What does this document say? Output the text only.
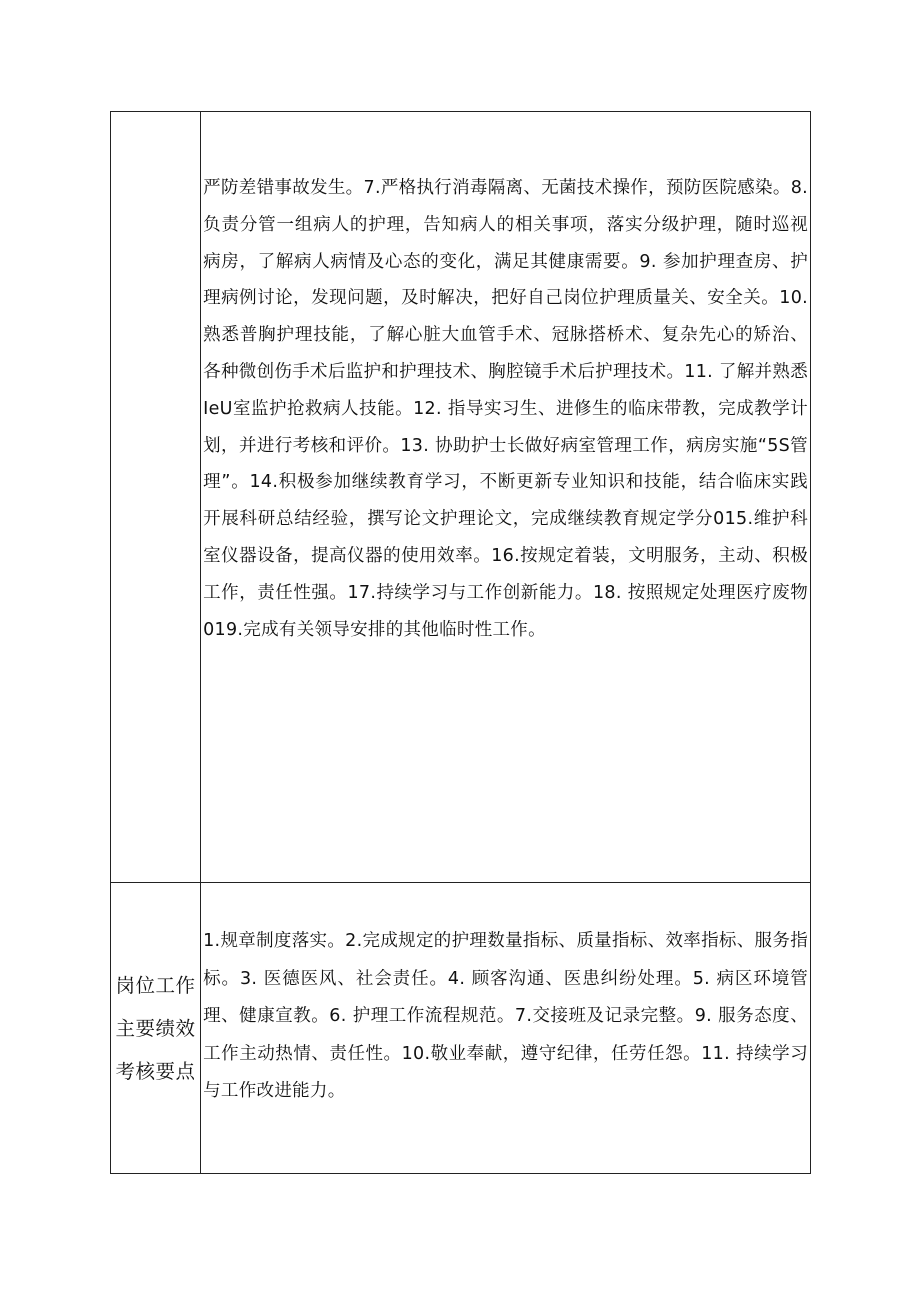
	严防差错事故发生。7.严格执行消毒隔离、无菌技术操作，预防医院感染。8.负责分管一组病人的护理，告知病人的相关事项，落实分级护理，随时巡视病房，了解病人病情及心态的变化，满足其健康需要。9. 参加护理查房、护理病例讨论，发现问题，及时解决，把好自己岗位护理质量关、安全关。10. 熟悉普胸护理技能，了解心脏大血管手术、冠脉搭桥术、复杂先心的矫治、各种微创伤手术后监护和护理技术、胸腔镜手术后护理技术。11. 了解并熟悉IeU室监护抢救病人技能。12. 指导实习生、进修生的临床带教，完成教学计划，并进行考核和评价。13. 协助护士长做好病室管理工作，病房实施“5S管理”。14.积极参加继续教育学习，不断更新专业知识和技能，结合临床实践开展科研总结经验，撰写论文护理论文，完成继续教育规定学分015.维护科室仪器设备，提高仪器的使用效率。16.按规定着装，文明服务，主动、积极工作，责任性强。17.持续学习与工作创新能力。18. 按照规定处理医疗废物019.完成有关领导安排的其他临时性工作。

岗位工作主要绩效考核要点	1.规章制度落实。2.完成规定的护理数量指标、质量指标、效率指标、服务指标。3. 医德医风、社会责任。4. 顾客沟通、医患纠纷处理。5. 病区环境管理、健康宣教。6. 护理工作流程规范。7.交接班及记录完整。9. 服务态度、工作主动热情、责任性。10.敬业奉献，遵守纪律，任劳任怨。11. 持续学习与工作改进能力。
